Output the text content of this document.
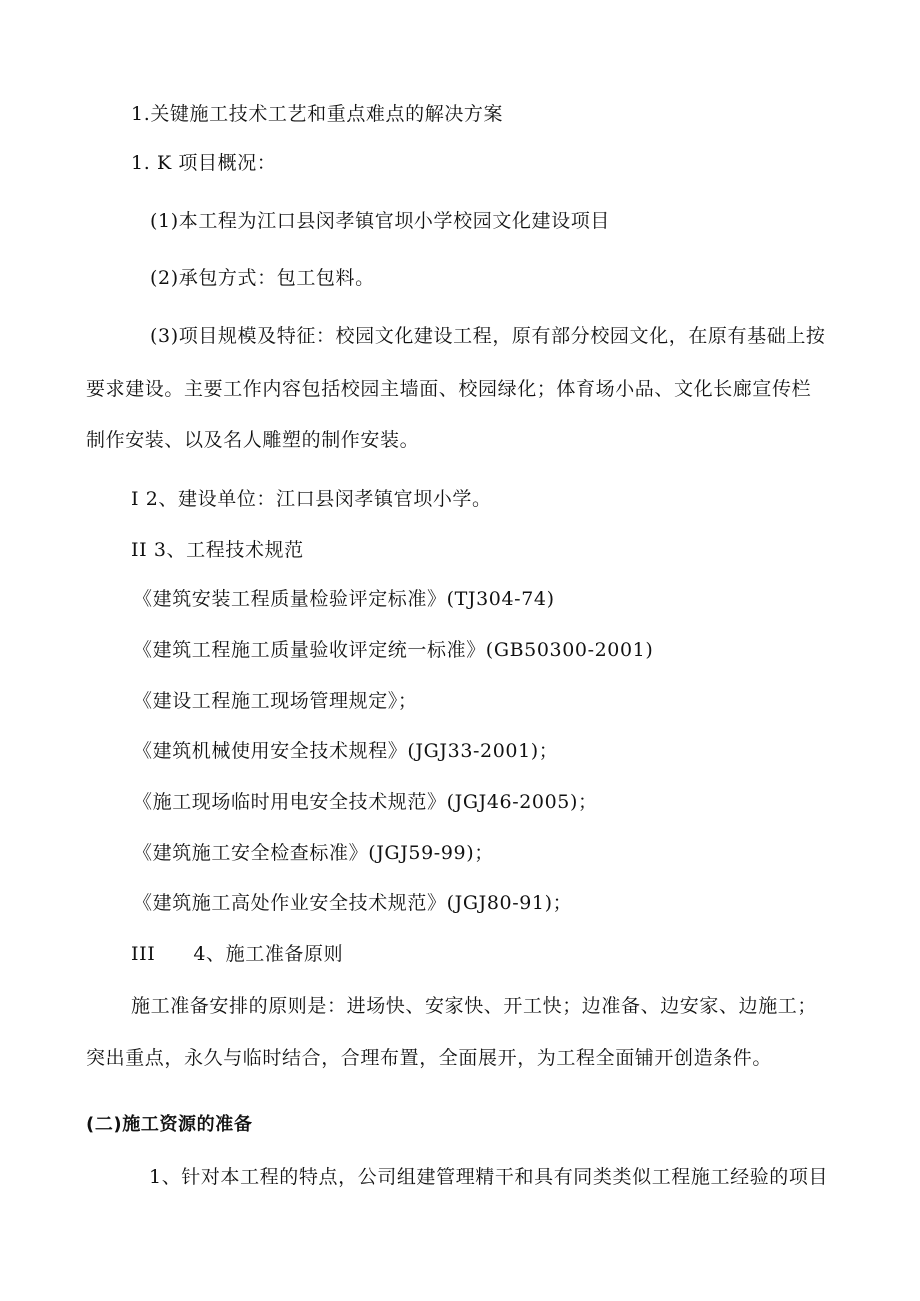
1.关键施工技术工艺和重点难点的解决方案
1. K 项目概况：
(1)本工程为江口县闵孝镇官坝小学校园文化建设项目
(2)承包方式：包工包料。
(3)项目规模及特征：校园文化建设工程，原有部分校园文化，在原有基础上按
要求建设。主要工作内容包括校园主墙面、校园绿化；体育场小品、文化长廊宣传栏
制作安装、以及名人雕塑的制作安装。
I 2、建设单位：江口县闵孝镇官坝小学。
II 3、工程技术规范
《建筑安装工程质量检验评定标准》(TJ304-74)
《建筑工程施工质量验收评定统一标准》(GB50300-2001)
《建设工程施工现场管理规定》；
《建筑机械使用安全技术规程》(JGJ33-2001)；
《施工现场临时用电安全技术规范》(JGJ46-2005)；
《建筑施工安全检查标准》(JGJ59-99)；
《建筑施工高处作业安全技术规范》(JGJ80-91)；
III 4、施工准备原则
施工准备安排的原则是：进场快、安家快、开工快；边准备、边安家、边施工；
突出重点，永久与临时结合，合理布置，全面展开，为工程全面铺开创造条件。
(二)施工资源的准备
1、针对本工程的特点，公司组建管理精干和具有同类类似工程施工经验的项目
